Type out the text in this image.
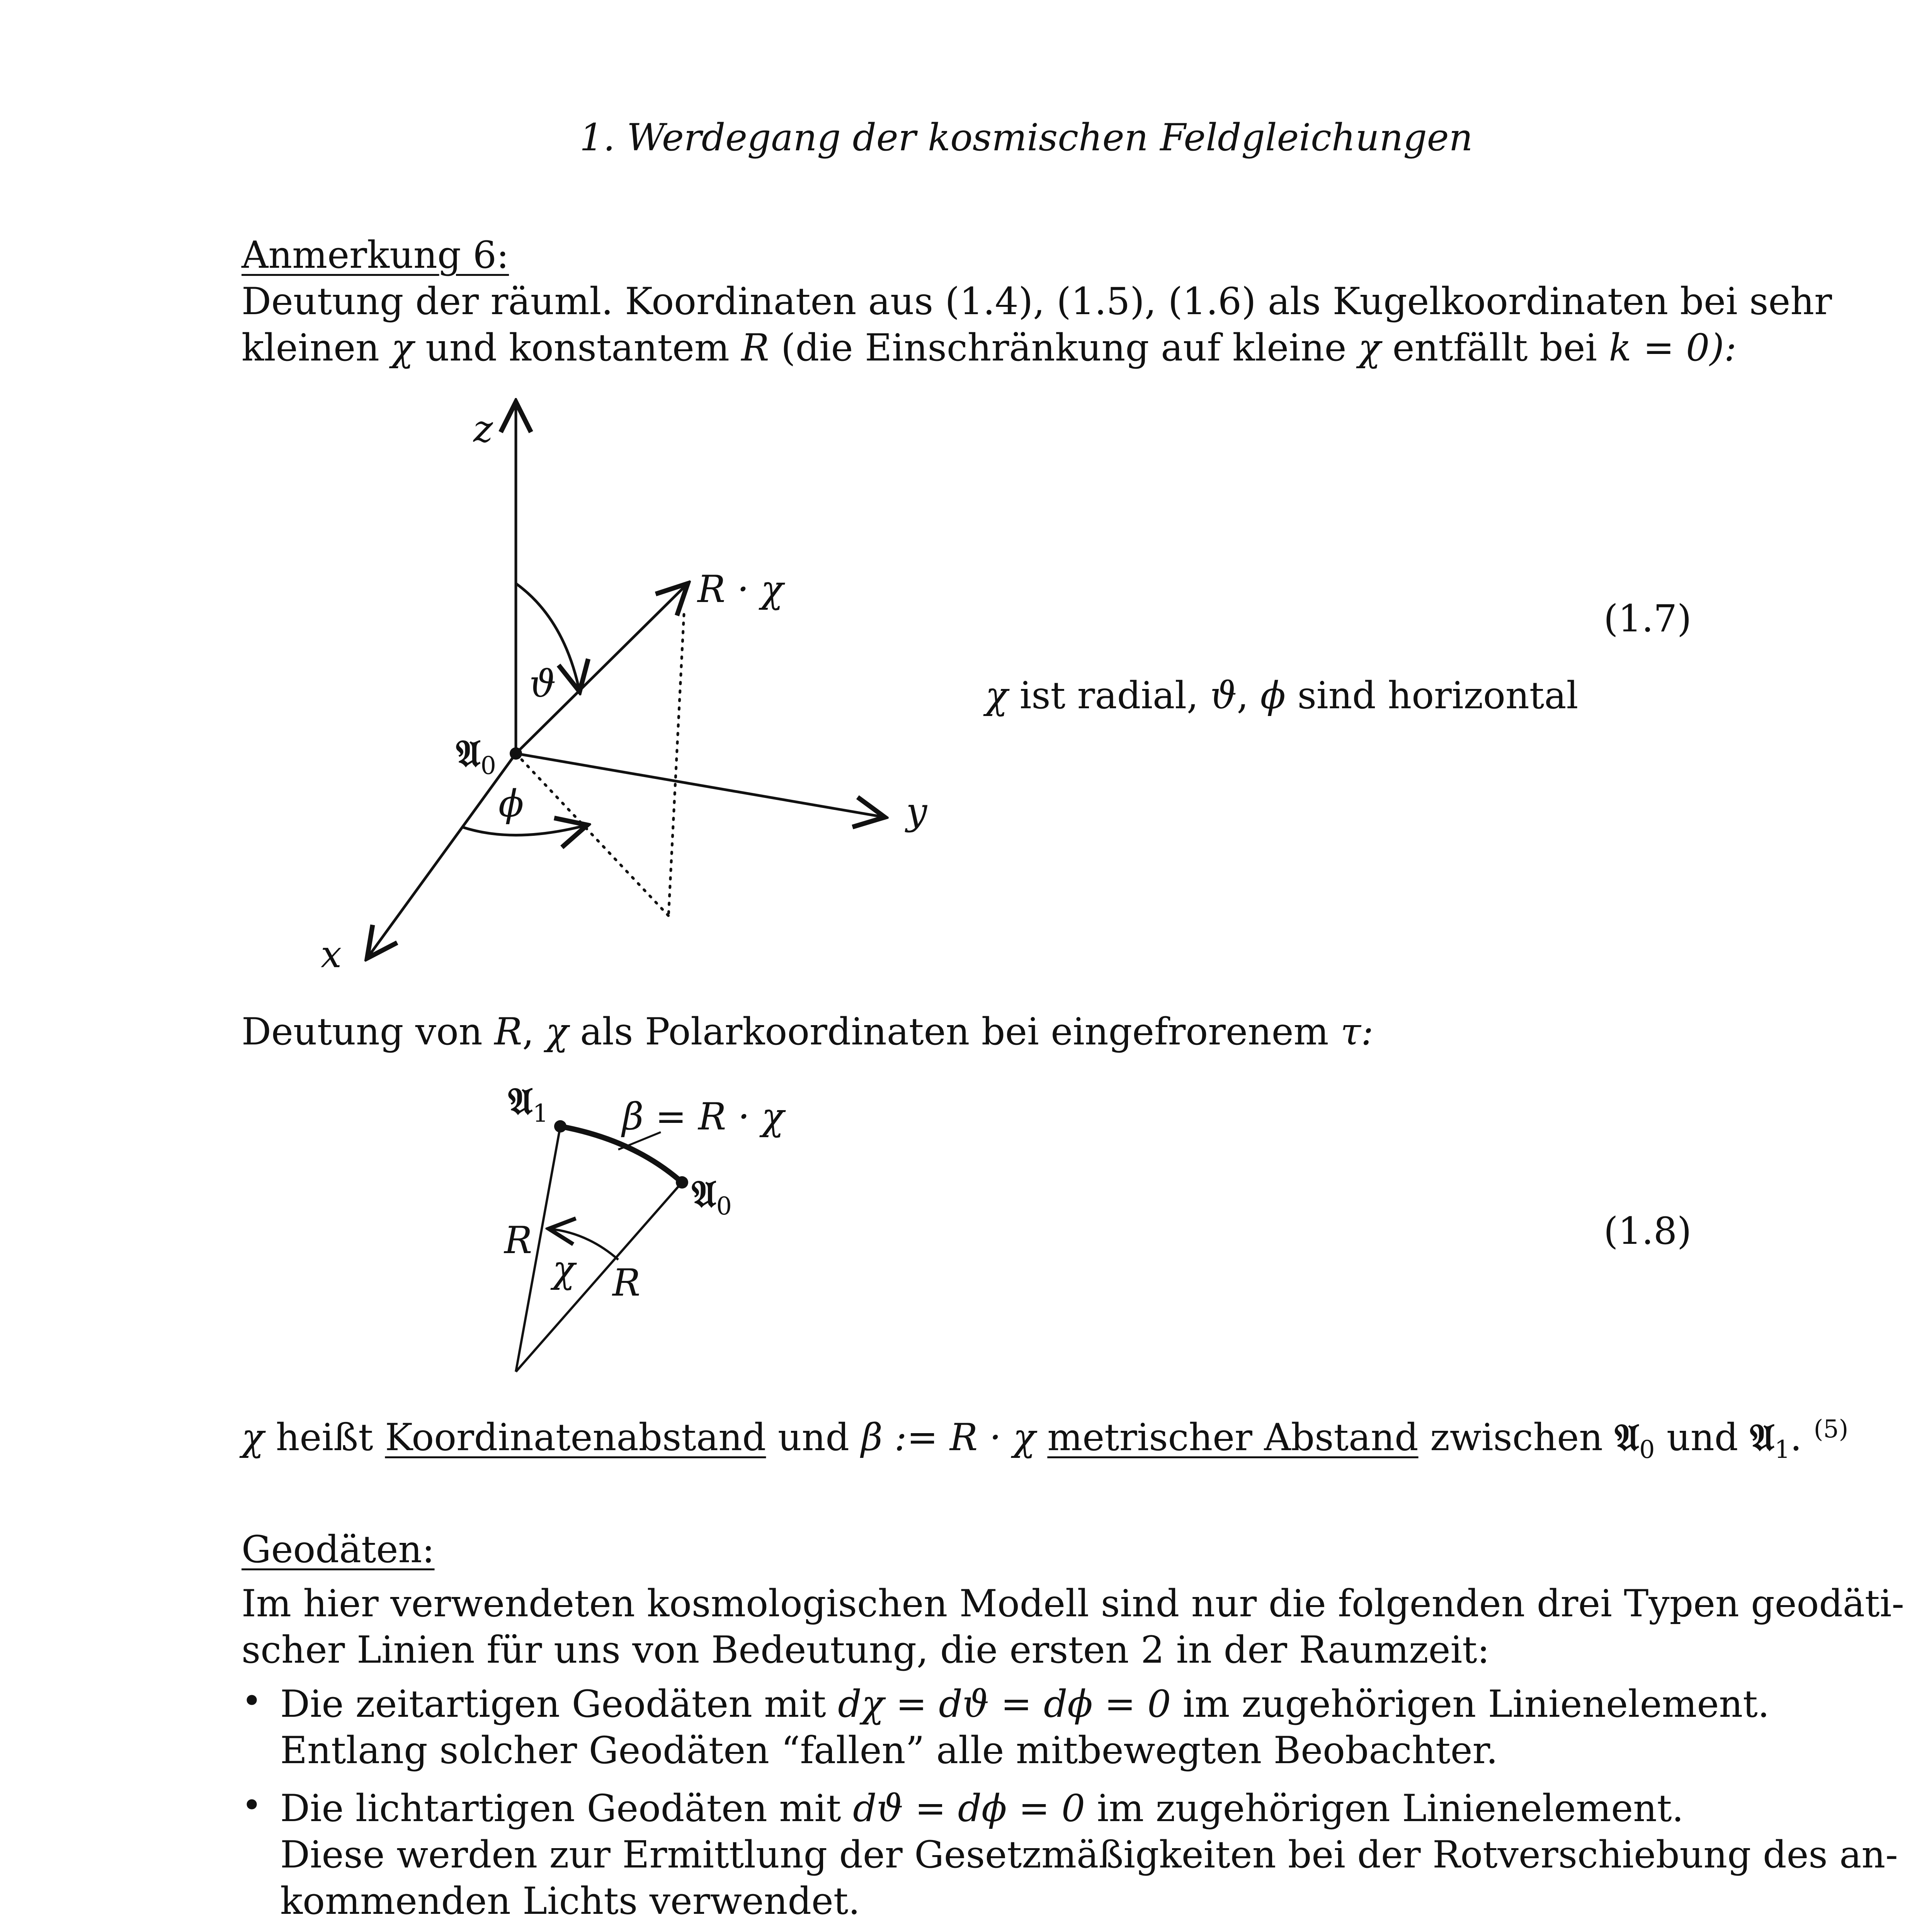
1. Werdegang der kosmischen Feldgleichungen
Anmerkung 6:
Deutung der räuml. Koordinaten aus (1.4), (1.5), (1.6) als Kugelkoordinaten bei sehr
kleinen χ und konstantem R (die Einschränkung auf kleine χ entfällt bei k = 0):
z
y
x
R · χ
ϑ
ϕ
𝔄$_0$
(1.7)
χ ist radial, ϑ, ϕ sind horizontal
Deutung von R, χ als Polarkoordinaten bei eingefrorenem τ:
𝔄$_1$
𝔄$_0$
β = R · χ
R
R
χ
(1.8)
χ heißt Koordinatenabstand und β := R · χ metrischer Abstand zwischen 𝔄$_0$ und 𝔄$_1$. $^{(5)}$
Geodäten:
Im hier verwendeten kosmologischen Modell sind nur die folgenden drei Typen geodäti-
scher Linien für uns von Bedeutung, die ersten 2 in der Raumzeit:
• Die zeitartigen Geodäten mit dχ = dϑ = dϕ = 0 im zugehörigen Linienelement.
Entlang solcher Geodäten “fallen” alle mitbewegten Beobachter.
• Die lichtartigen Geodäten mit dϑ = dϕ = 0 im zugehörigen Linienelement.
Diese werden zur Ermittlung der Gesetzmäßigkeiten bei der Rotverschiebung des an-
kommenden Lichts verwendet.
